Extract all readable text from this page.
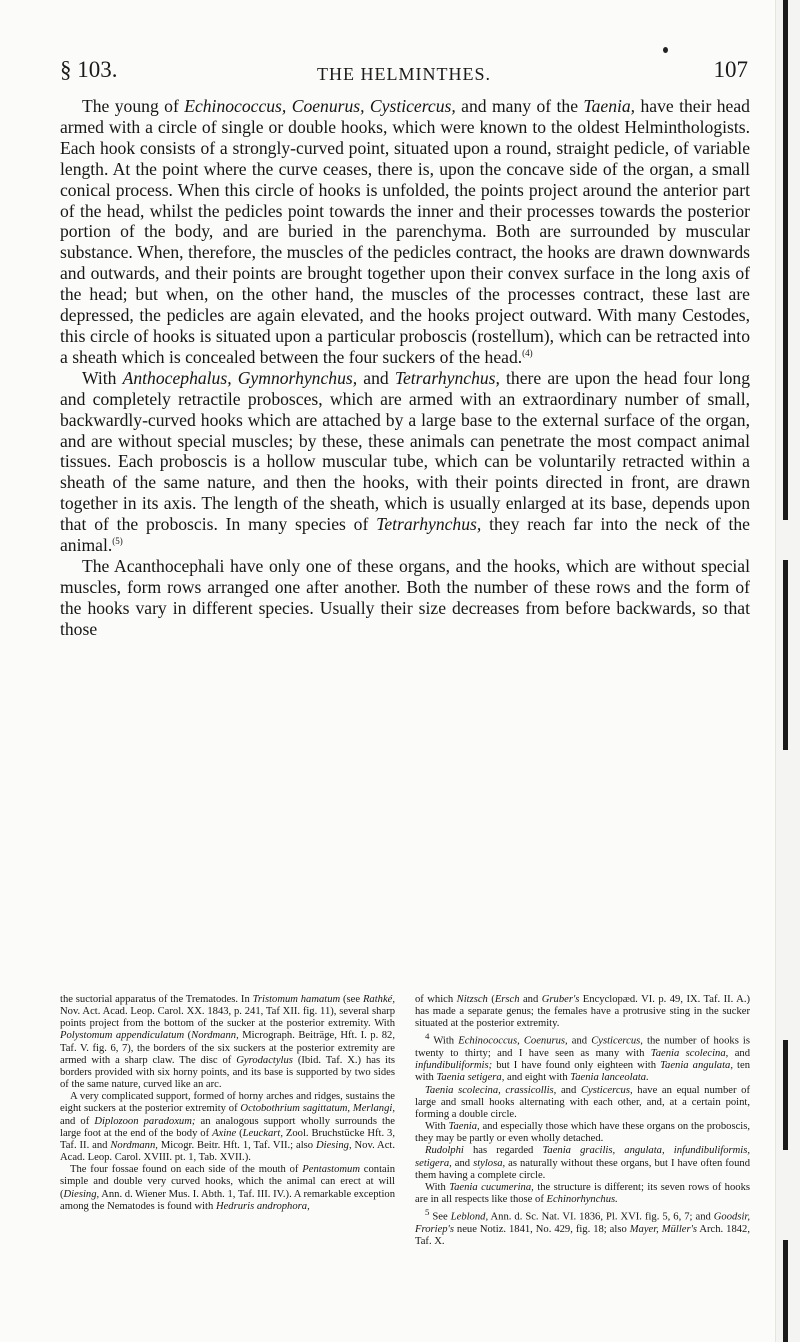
§ 103.	THE HELMINTHES.	107

The young of Echinococcus, Coenurus, Cysticercus, and many of the Taenia, have their head armed with a circle of single or double hooks, which were known to the oldest Helminthologists. Each hook consists of a strongly-curved point, situated upon a round, straight pedicle, of variable length. At the point where the curve ceases, there is, upon the concave side of the organ, a small conical process. When this circle of hooks is unfolded, the points project around the anterior part of the head, whilst the pedicles point towards the inner and their processes towards the posterior portion of the body, and are buried in the parenchyma. Both are surrounded by muscular substance. When, therefore, the muscles of the pedicles contract, the hooks are drawn downwards and outwards, and their points are brought together upon their convex surface in the long axis of the head; but when, on the other hand, the muscles of the processes contract, these last are depressed, the pedicles are again elevated, and the hooks project outward. With many Cestodes, this circle of hooks is situated upon a particular proboscis (rostellum), which can be retracted into a sheath which is concealed between the four suckers of the head.$^{(4)}$

With Anthocephalus, Gymnorhynchus, and Tetrarhynchus, there are upon the head four long and completely retractile probosces, which are armed with an extraordinary number of small, backwardly-curved hooks which are attached by a large base to the external surface of the organ, and are without special muscles; by these, these animals can penetrate the most compact animal tissues. Each proboscis is a hollow muscular tube, which can be voluntarily retracted within a sheath of the same nature, and then the hooks, with their points directed in front, are drawn together in its axis. The length of the sheath, which is usually enlarged at its base, depends upon that of the proboscis. In many species of Tetrarhynchus, they reach far into the neck of the animal.$^{(5)}$

The Acanthocephali have only one of these organs, and the hooks, which are without special muscles, form rows arranged one after another. Both the number of these rows and the form of the hooks vary in different species. Usually their size decreases from before backwards, so that those

the suctorial apparatus of the Trematodes. In Tristomum hamatum (see Rathké, Nov. Act. Acad. Leop. Carol. XX. 1843, p. 241, Taf XII. fig. 11), several sharp points project from the bottom of the sucker at the posterior extremity. With Polystomum appendiculatum (Nordmann, Micrograph. Beiträge, Hft. I. p. 82, Taf. V. fig. 6, 7), the borders of the six suckers at the posterior extremity are armed with a sharp claw. The disc of Gyrodactylus (Ibid. Taf. X.) has its borders provided with six horny points, and its base is supported by two sides of the same nature, curved like an arc.

A very complicated support, formed of horny arches and ridges, sustains the eight suckers at the posterior extremity of Octobothrium sagittatum, Merlangi, and of Diplozoon paradoxum; an analogous support wholly surrounds the large foot at the end of the body of Axine (Leuckart, Zool. Bruchstücke Hft. 3, Taf. II. and Nordmann, Micogr. Beitr. Hft. 1, Taf. VII.; also Diesing, Nov. Act. Acad. Leop. Carol. XVIII. pt. 1, Tab. XVII.).

The four fossae found on each side of the mouth of Pentastomum contain simple and double very curved hooks, which the animal can erect at will (Diesing, Ann. d. Wiener Mus. I. Abth. 1, Taf. III. IV.). A remarkable exception among the Nematodes is found with Hedruris androphora,

of which Nitzsch (Ersch and Gruber's Encyclopæd. VI. p. 49, IX. Taf. II. A.) has made a separate genus; the females have a protrusive sting in the sucker situated at the posterior extremity.

$^4$ With Echinococcus, Coenurus, and Cysticercus, the number of hooks is twenty to thirty; and I have seen as many with Taenia scolecina, and infundibuliformis; but I have found only eighteen with Taenia angulata, ten with Taenia setigera, and eight with Taenia lanceolata.

Taenia scolecina, crassicollis, and Cysticercus, have an equal number of large and small hooks alternating with each other, and, at a certain point, forming a double circle.

With Taenia, and especially those which have these organs on the proboscis, they may be partly or even wholly detached.

Rudolphi has regarded Taenia gracilis, angulata, infundibuliformis, setigera, and stylosa, as naturally without these organs, but I have often found them having a complete circle.

With Taenia cucumerina, the structure is different; its seven rows of hooks are in all respects like those of Echinorhynchus.

$^5$ See Leblond, Ann. d. Sc. Nat. VI. 1836, Pl. XVI. fig. 5, 6, 7; and Goodsir, Froriep's neue Notiz. 1841, No. 429, fig. 18; also Mayer, Müller's Arch. 1842, Taf. X.
